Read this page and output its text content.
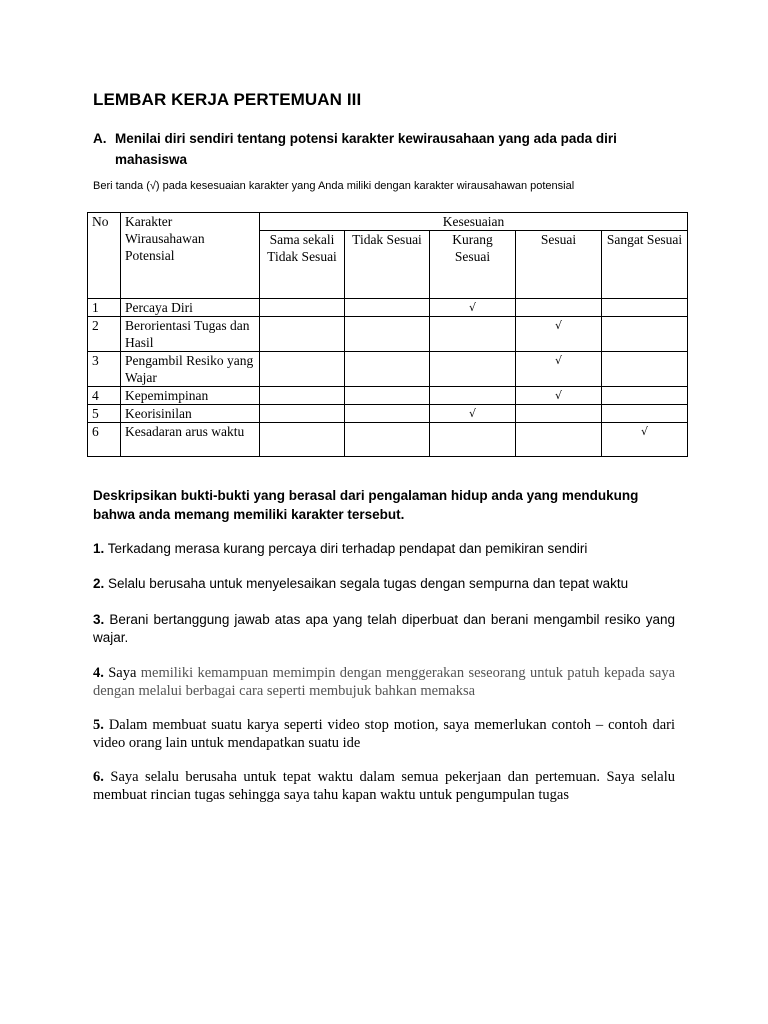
LEMBAR KERJA PERTEMUAN III
A. Menilai diri sendiri tentang potensi karakter kewirausahaan yang ada pada diri mahasiswa
Beri tanda (√) pada kesesuaian karakter yang Anda miliki dengan karakter wirausahawan potensial
No	Karakter Wirausahawan Potensial	Kesesuaian				
		Sama sekali Tidak Sesuai	Tidak Sesuai	Kurang Sesuai	Sesuai	Sangat Sesuai
1	Percaya Diri			√		
2	Berorientasi Tugas dan Hasil				√	
3	Pengambil Resiko yang Wajar				√	
4	Kepemimpinan				√	
5	Keorisinilan			√		
6	Kesadaran arus waktu					√
Deskripsikan bukti-bukti yang berasal dari pengalaman hidup anda yang mendukung bahwa anda memang memiliki karakter tersebut.
1. Terkadang merasa kurang percaya diri terhadap pendapat dan pemikiran sendiri
2. Selalu berusaha untuk menyelesaikan segala tugas dengan sempurna dan tepat waktu
3. Berani bertanggung jawab atas apa yang telah diperbuat dan berani mengambil resiko yang wajar.
4. Saya memiliki kemampuan memimpin dengan menggerakan seseorang untuk patuh kepada saya dengan melalui berbagai cara seperti membujuk bahkan memaksa
5. Dalam membuat suatu karya seperti video stop motion, saya memerlukan contoh – contoh dari video orang lain untuk mendapatkan suatu ide
6. Saya selalu berusaha untuk tepat waktu dalam semua pekerjaan dan pertemuan. Saya selalu membuat rincian tugas sehingga saya tahu kapan waktu untuk pengumpulan tugas
